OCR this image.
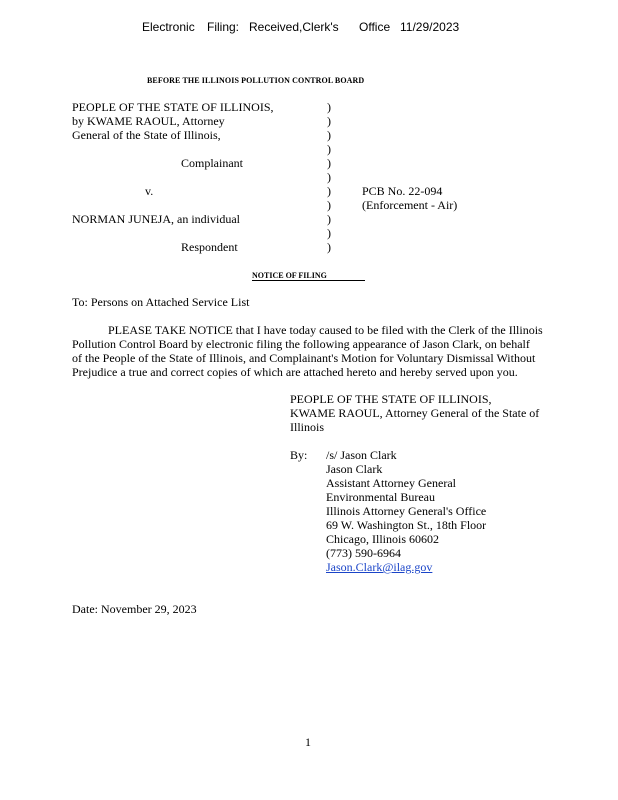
Electronic Filing: Received,Clerk's Office 11/29/2023
BEFORE THE ILLINOIS POLLUTION CONTROL BOARD
PEOPLE OF THE STATE OF ILLINOIS,
by KWAME RAOUL, Attorney
General of the State of Illinois,
Complainant
v.
NORMAN JUNEJA, an individual
Respondent
)
)
)
)
)
)
)
)
)
)
)
PCB No. 22-094
(Enforcement - Air)
NOTICE OF FILING
To: Persons on Attached Service List
PLEASE TAKE NOTICE that I have today caused to be filed with the Clerk of the Illinois
Pollution Control Board by electronic filing the following appearance of Jason Clark, on behalf
of the People of the State of Illinois, and Complainant's Motion for Voluntary Dismissal Without
Prejudice a true and correct copies of which are attached hereto and hereby served upon you.
PEOPLE OF THE STATE OF ILLINOIS,
KWAME RAOUL, Attorney General of the State of
Illinois
By: /s/ Jason Clark
Jason Clark
Assistant Attorney General
Environmental Bureau
Illinois Attorney General's Office
69 W. Washington St., 18th Floor
Chicago, Illinois 60602
(773) 590-6964
Jason.Clark@ilag.gov
Date: November 29, 2023
1
